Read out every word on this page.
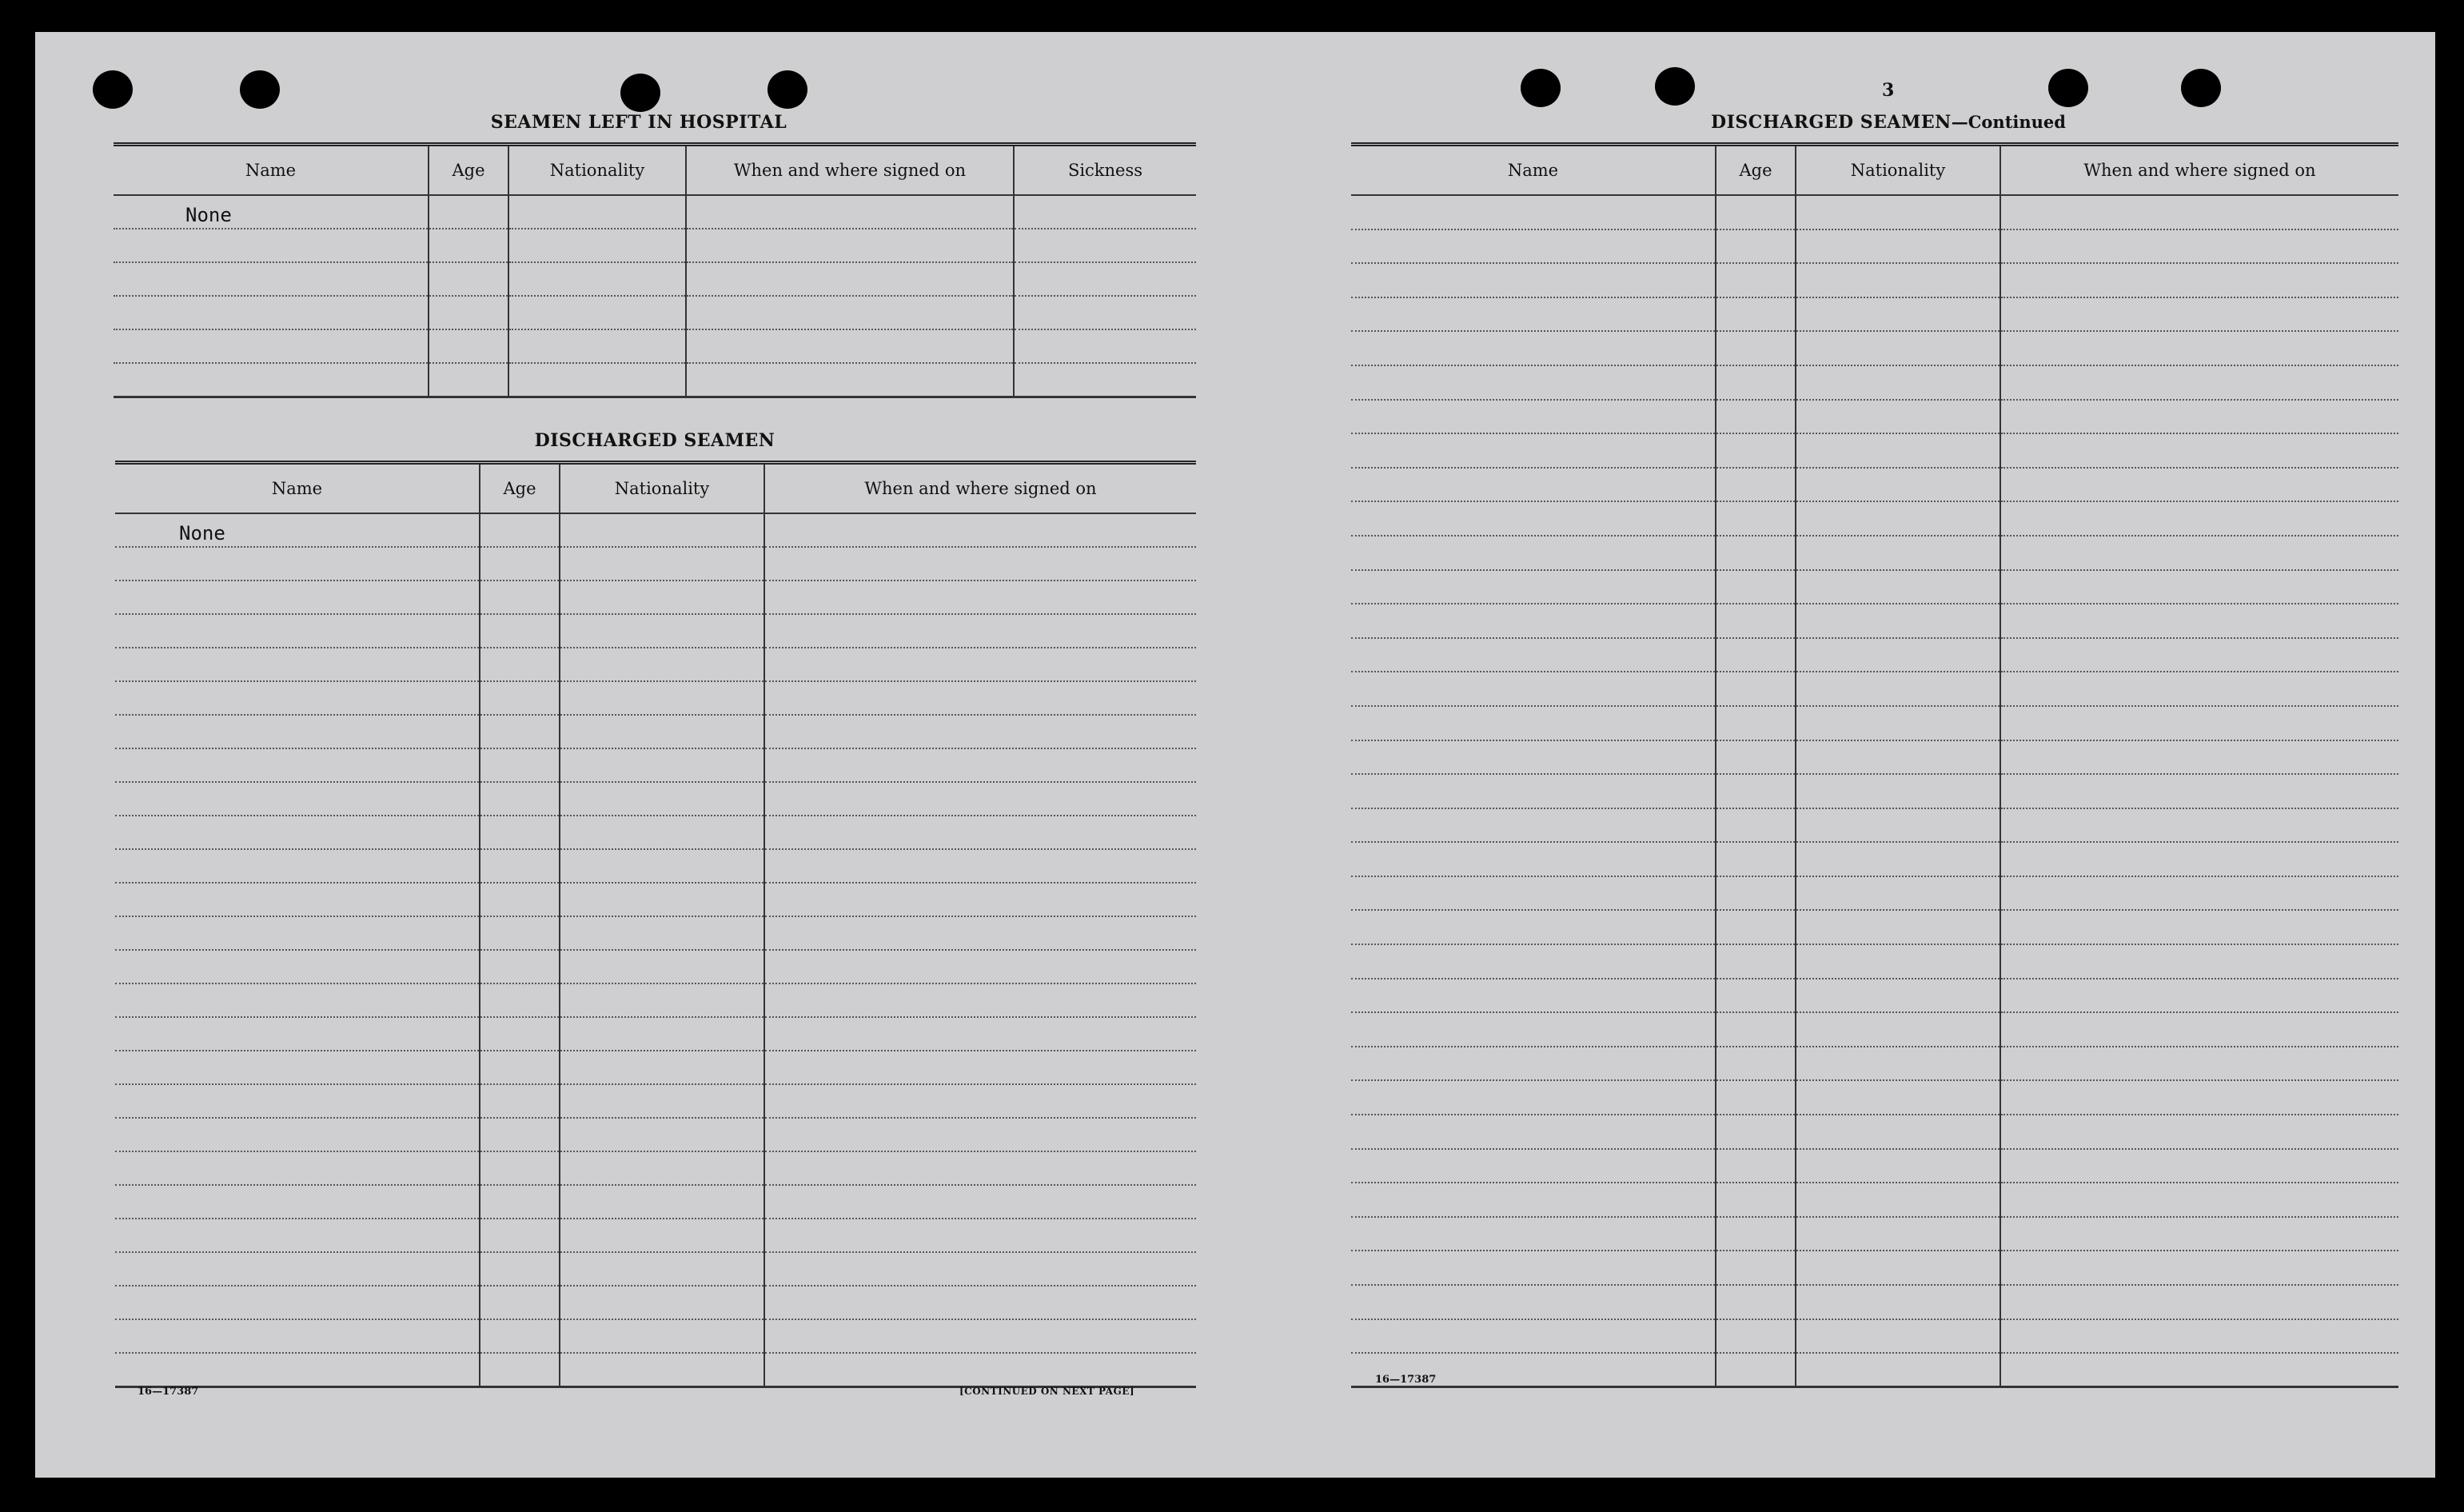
SEAMEN LEFT IN HOSPITAL
Name	Age	Nationality	When and where signed on	Sickness
None				

DISCHARGED SEAMEN
Name	Age	Nationality	When and where signed on
None			

16—17387	[CONTINUED ON NEXT PAGE]
3
DISCHARGED SEAMEN—Continued
Name	Age	Nationality	When and where signed on

16—17387
